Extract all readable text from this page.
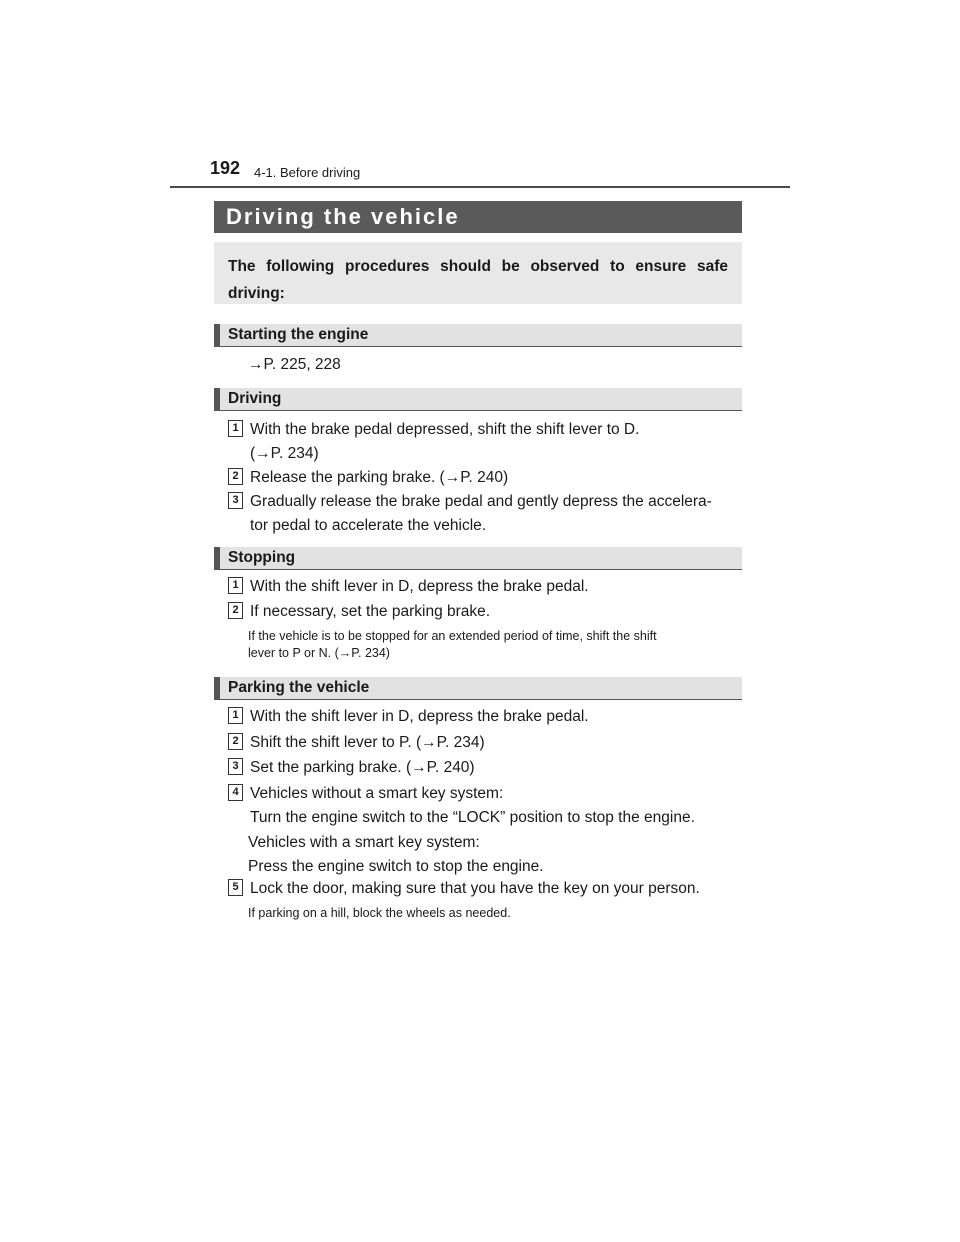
192 4-1. Before driving
Driving the vehicle
The following procedures should be observed to ensure safe driving:
Starting the engine
→P. 225, 228
Driving
1 With the brake pedal depressed, shift the shift lever to D.
(→P. 234)
2 Release the parking brake. (→P. 240)
3 Gradually release the brake pedal and gently depress the accelera-
tor pedal to accelerate the vehicle.
Stopping
1 With the shift lever in D, depress the brake pedal.
2 If necessary, set the parking brake.
If the vehicle is to be stopped for an extended period of time, shift the shift
lever to P or N. (→P. 234)
Parking the vehicle
1 With the shift lever in D, depress the brake pedal.
2 Shift the shift lever to P. (→P. 234)
3 Set the parking brake. (→P. 240)
4 Vehicles without a smart key system:
Turn the engine switch to the “LOCK” position to stop the engine.
Vehicles with a smart key system:
Press the engine switch to stop the engine.
5 Lock the door, making sure that you have the key on your person.
If parking on a hill, block the wheels as needed.
